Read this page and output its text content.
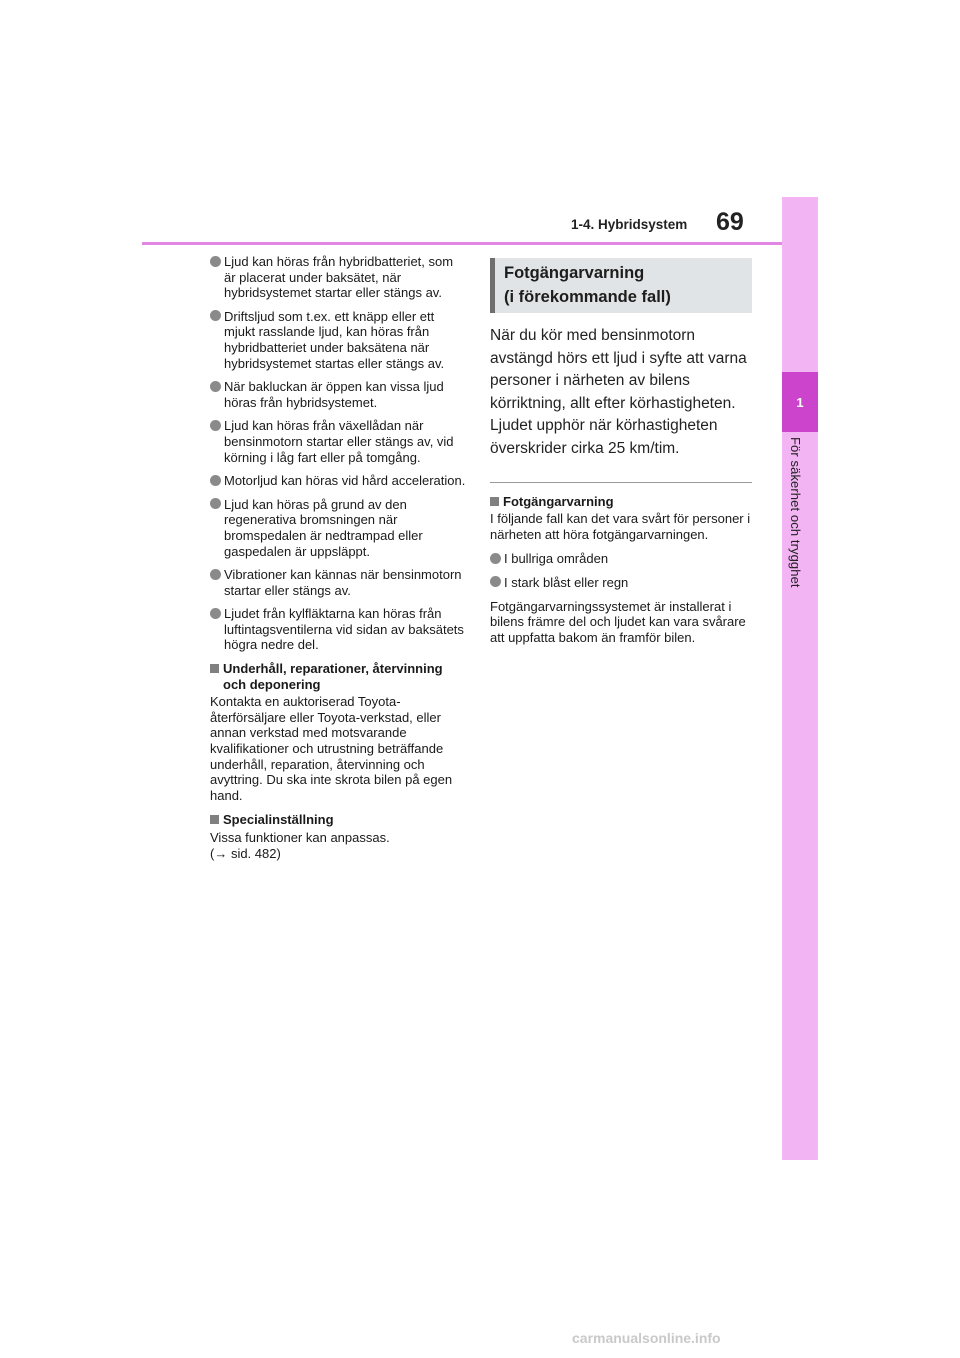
1-4. Hybridsystem 69
1
För säkerhet och trygghet
Ljud kan höras från hybridbatteriet, som är placerat under baksätet, när hybridsystemet startar eller stängs av.
Driftsljud som t.ex. ett knäpp eller ett mjukt rasslande ljud, kan höras från hybridbatteriet under baksätena när hybridsystemet startas eller stängs av.
När bakluckan är öppen kan vissa ljud höras från hybridsystemet.
Ljud kan höras från växellådan när bensinmotorn startar eller stängs av, vid körning i låg fart eller på tomgång.
Motorljud kan höras vid hård acceleration.
Ljud kan höras på grund av den regenerativa bromsningen när bromspedalen är nedtrampad eller gaspedalen är uppsläppt.
Vibrationer kan kännas när bensinmotorn startar eller stängs av.
Ljudet från kylfläktarna kan höras från luftintagsventilerna vid sidan av baksätets högra nedre del.
Underhåll, reparationer, återvinning och deponering

Kontakta en auktoriserad Toyota-återförsäljare eller Toyota-verkstad, eller annan verkstad med motsvarande kvalifikationer och utrustning beträffande underhåll, reparation, återvinning och avyttring. Du ska inte skrota bilen på egen hand.

Specialinställning
Vissa funktioner kan anpassas.
(→ sid. 482)
Fotgängarvarning
(i förekommande fall)

När du kör med bensinmotorn avstängd hörs ett ljud i syfte att varna personer i närheten av bilens körriktning, allt efter körhastigheten. Ljudet upphör när körhastigheten överskrider cirka 25 km/tim.

Fotgängarvarning

I följande fall kan det vara svårt för personer i närheten att höra fotgängarvarningen.

I bullriga områden
I stark blåst eller regn

Fotgängarvarningssystemet är installerat i bilens främre del och ljudet kan vara svårare att uppfatta bakom än framför bilen.

carmanualsonline.info
